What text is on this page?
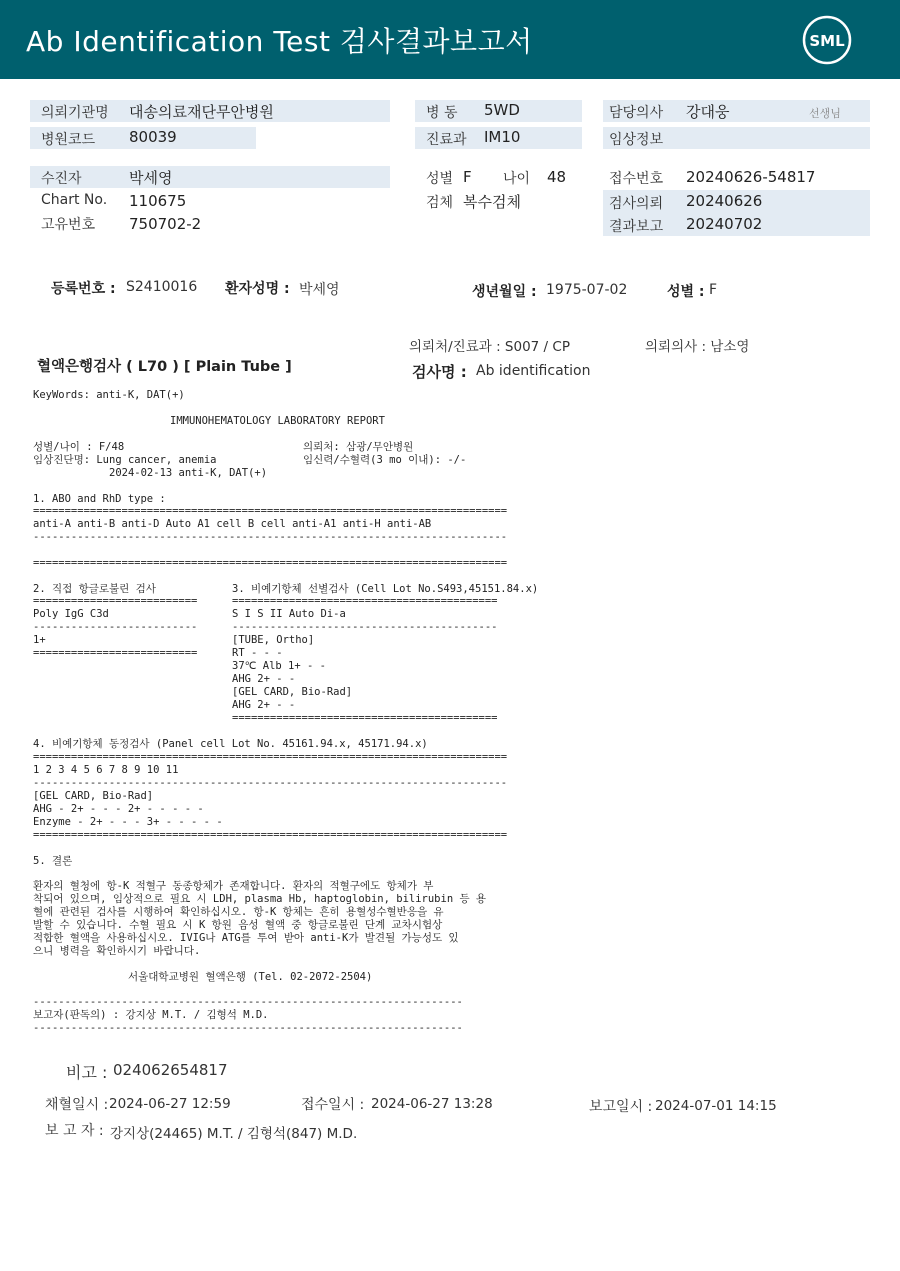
Ab Identification Test 검사결과보고서	SML
의뢰기관명 대송의료재단무안병원
병원코드 80039
병 동 5WD
진료과 IM10
담당의사 강대웅	선생님
임상정보
수진자	박세영
Chart No. 110675
고유번호 750702-2
성별 F 나이 48
검체 복수검체
접수번호 20240626-54817
검사의뢰 20240626
결과보고 20240702
등록번호 : S2410016 환자성명 : 박세영	생년월일 : 1975-07-02	성별 : F
의뢰처/진료과 : S007 / CP	의뢰의사 : 남소영
혈액은행검사 ( L70 ) [ Plain Tube ]	검사명 : Ab identification
KeyWords: anti-K, DAT(+)
IMMUNOHEMATOLOGY LABORATORY REPORT
성별/나이 : F/48	의뢰처: 삼광/무안병원
임상진단명: Lung cancer, anemia	임신력/수혈력(3 mo 이내): -/-
2024-02-13 anti-K, DAT(+)
1. ABO and RhD type :
===========================================================================
anti-A anti-B anti-D Auto A1 cell B cell anti-A1 anti-H anti-AB
---------------------------------------------------------------------------
===========================================================================
2. 직접 항글로불린 검사
==========================
Poly IgG C3d
--------------------------
1+
==========================
3. 비예기항체 선별검사 (Cell Lot No.S493,45151.84.x)
==========================================
S I S II Auto Di-a
------------------------------------------
[TUBE, Ortho]
RT - - -
37℃ Alb 1+ - -
AHG 2+ - -
[GEL CARD, Bio-Rad]
AHG 2+ - -
==========================================
4. 비예기항체 동정검사 (Panel cell Lot No. 45161.94.x, 45171.94.x)
===========================================================================
1 2 3 4 5 6 7 8 9 10 11
---------------------------------------------------------------------------
[GEL CARD, Bio-Rad]
AHG - 2+ - - - 2+ - - - - -
Enzyme - 2+ - - - 3+ - - - - -
===========================================================================
5. 결론
환자의 혈청에 항-K 적혈구 동종항체가 존재합니다. 환자의 적혈구에도 항체가 부
착되어 있으며, 임상적으로 필요 시 LDH, plasma Hb, haptoglobin, bilirubin 등 용
혈에 관련된 검사를 시행하여 확인하십시오. 항-K 항체는 흔히 용혈성수혈반응을 유
발할 수 있습니다. 수혈 필요 시 K 항원 음성 혈액 중 항글로불린 단계 교차시험상
적합한 혈액을 사용하십시오. IVIG나 ATG를 투여 받아 anti-K가 발견될 가능성도 있
으니 병력을 확인하시기 바랍니다.
서울대학교병원 혈액은행 (Tel. 02-2072-2504)
--------------------------------------------------------------------
보고자(판독의) : 강지상 M.T. / 김형석 M.D.
--------------------------------------------------------------------
비고 : 024062654817
채혈일시 : 2024-06-27 12:59	접수일시 : 2024-06-27 13:28	보고일시 : 2024-07-01 14:15
보 고 자 : 강지상(24465) M.T. / 김형석(847) M.D.
